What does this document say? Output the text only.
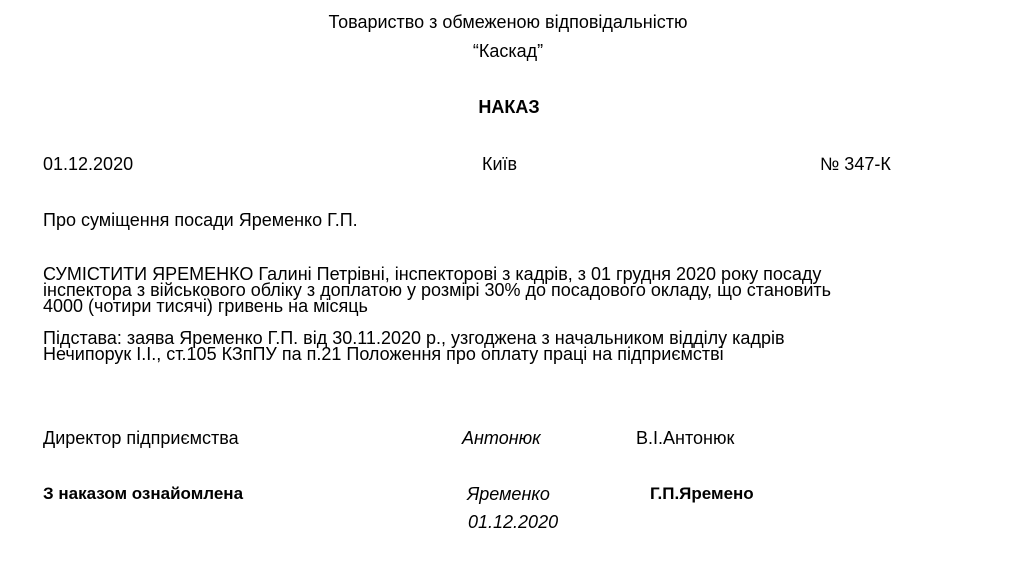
Товариство з обмеженою відповідальністю
“Каскад”
НАКАЗ
01.12.2020	Київ	№ 347-К
Про суміщення посади Яременко Г.П.
СУМІСТИТИ ЯРЕМЕНКО Галині Петрівні, інспекторові з кадрів, з 01 грудня 2020 року посаду
інспектора з військового обліку з доплатою у розмірі 30% до посадового окладу, що становить
4000 (чотири тисячі) гривень на місяць
Підстава: заява Яременко Г.П. від 30.11.2020 р., узгоджена з начальником відділу кадрів
Нечипорук І.І., ст.105 КЗпПУ па п.21 Положення про оплату праці на підприємстві
Директор підприємства	Антонюк	В.І.Антонюк
З наказом ознайомлена	Яременко	Г.П.Яремено
01.12.2020
